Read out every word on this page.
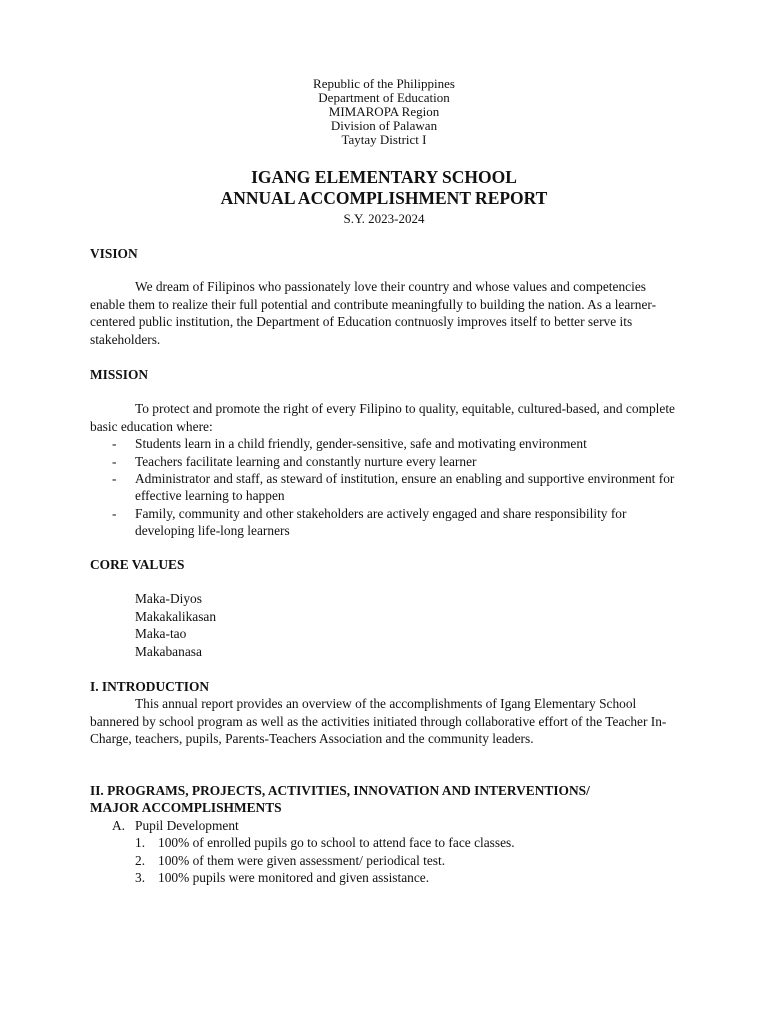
Republic of the Philippines
Department of Education
MIMAROPA Region
Division of Palawan
Taytay District I
IGANG ELEMENTARY SCHOOL
ANNUAL ACCOMPLISHMENT REPORT
S.Y. 2023-2024

VISION

We dream of Filipinos who passionately love their country and whose values and competencies enable them to realize their full potential and contribute meaningfully to building the nation. As a learner-centered public institution, the Department of Education contnuosly improves itself to better serve its stakeholders.

MISSION

To protect and promote the right of every Filipino to quality, equitable, cultured-based, and complete basic education where:

- Students learn in a child friendly, gender-sensitive, safe and motivating environment
- Teachers facilitate learning and constantly nurture every learner
- Administrator and staff, as steward of institution, ensure an enabling and supportive environment for effective learning to happen
- Family, community and other stakeholders are actively engaged and share responsibility for developing life-long learners

CORE VALUES

Maka-Diyos
Makakalikasan
Maka-tao
Makabanasa

I. INTRODUCTION

This annual report provides an overview of the accomplishments of Igang Elementary School bannered by school program as well as the activities initiated through collaborative effort of the Teacher In-Charge, teachers, pupils, Parents-Teachers Association and the community leaders.

II. PROGRAMS, PROJECTS, ACTIVITIES, INNOVATION AND INTERVENTIONS/

MAJOR ACCOMPLISHMENTS

A. Pupil Development
1. 100% of enrolled pupils go to school to attend face to face classes.
2. 100% of them were given assessment/ periodical test.
3. 100% pupils were monitored and given assistance.
